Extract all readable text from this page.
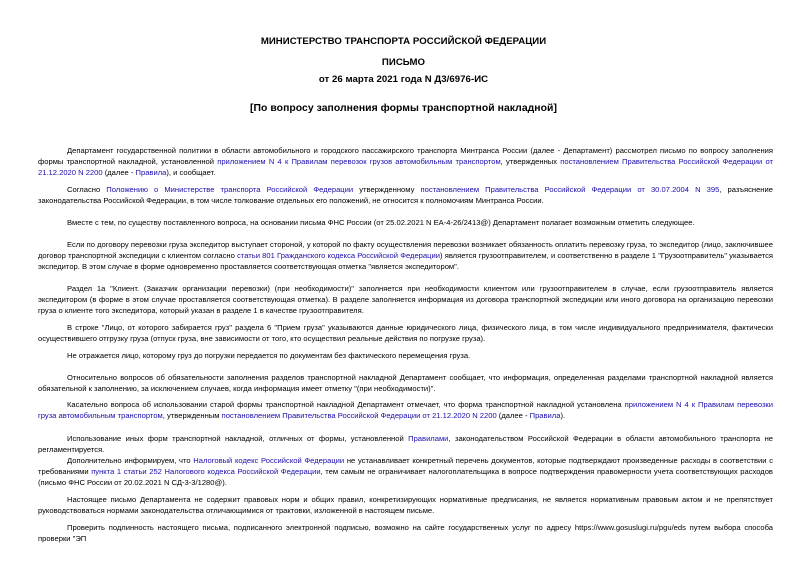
МИНИСТЕРСТВО ТРАНСПОРТА РОССИЙСКОЙ ФЕДЕРАЦИИ
ПИСЬМО
от 26 марта 2021 года N Д3/6976-ИС
[По вопросу заполнения формы транспортной накладной]

Департамент государственной политики в области автомобильного и городского пассажирского транспорта Минтранса России (далее - Департамент) рассмотрел письмо по вопросу заполнения формы транспортной накладной, установленной приложением N 4 к Правилам перевозок грузов автомобильным транспортом, утвержденных постановлением Правительства Российской Федерации от 21.12.2020 N 2200 (далее - Правила), и сообщает.

Согласно Положению о Министерстве транспорта Российской Федерации утвержденному постановлением Правительства Российской Федерации от 30.07.2004 N 395, разъяснение законодательства Российской Федерации, в том числе толкование отдельных его положений, не относится к полномочиям Минтранса России.

Вместе с тем, по существу поставленного вопроса, на основании письма ФНС России (от 25.02.2021 N ЕА-4-26/2413@) Департамент полагает возможным отметить следующее.

Если по договору перевозки груза экспедитор выступает стороной, у которой по факту осуществления перевозки возникает обязанность оплатить перевозку груза, то экспедитор (лицо, заключившее договор транспортной экспедиции с клиентом согласно статьи 801 Гражданского кодекса Российской Федерации) является грузоотправителем, и соответственно в разделе 1 "Грузоотправитель" указывается экспедитор. В этом случае в форме одновременно проставляется соответствующая отметка "является экспедитором".

Раздел 1а "Клиент. (Заказчик организации перевозки) (при необходимости)" заполняется при необходимости клиентом или грузоотправителем в случае, если грузоотправитель является экспедитором (в форме в этом случае проставляется соответствующая отметка). В разделе заполняется информация из договора транспортной экспедиции или иного договора на организацию перевозки груза о клиенте того экспедитора, который указан в разделе 1 в качестве грузоотправителя.

В строке "Лицо, от которого забирается груз" раздела 6 "Прием груза" указываются данные юридического лица, физического лица, в том числе индивидуального предпринимателя, фактически осуществившего отгрузку груза (отпуск груза, вне зависимости от того, кто осуществил реальные действия по погрузке груза).

Не отражается лицо, которому груз до погрузки передается по документам без фактического перемещения груза.

Относительно вопросов об обязательности заполнения разделов транспортной накладной Департамент сообщает, что информация, определенная разделами транспортной накладной является обязательной к заполнению, за исключением случаев, когда информация имеет отметку "(при необходимости)".

Касательно вопроса об использовании старой формы транспортной накладной Департамент отмечает, что форма транспортной накладной установлена приложением N 4 к Правилам перевозки груза автомобильным транспортом, утвержденным постановлением Правительства Российской Федерации от 21.12.2020 N 2200 (далее - Правила).

Использование иных форм транспортной накладной, отличных от формы, установленной Правилами, законодательством Российской Федерации в области автомобильного транспорта не регламентируется.

Дополнительно информируем, что Налоговый кодекс Российской Федерации не устанавливает конкретный перечень документов, которые подтверждают произведенные расходы в соответствии с требованиями пункта 1 статьи 252 Налогового кодекса Российской Федерации, тем самым не ограничивает налогоплательщика в вопросе подтверждения правомерности учета соответствующих расходов (письмо ФНС России от 20.02.2021 N СД-3-3/1280@).

Настоящее письмо Департамента не содержит правовых норм и общих правил, конкретизирующих нормативные предписания, не является нормативным правовым актом и не препятствует руководствоваться нормами законодательства отличающимися от трактовки, изложенной в настоящем письме.

Проверить подлинность настоящего письма, подписанного электронной подписью, возможно на сайте государственных услуг по адресу https://www.gosuslugi.ru/pgu/eds путем выбора способа проверки "ЭП
